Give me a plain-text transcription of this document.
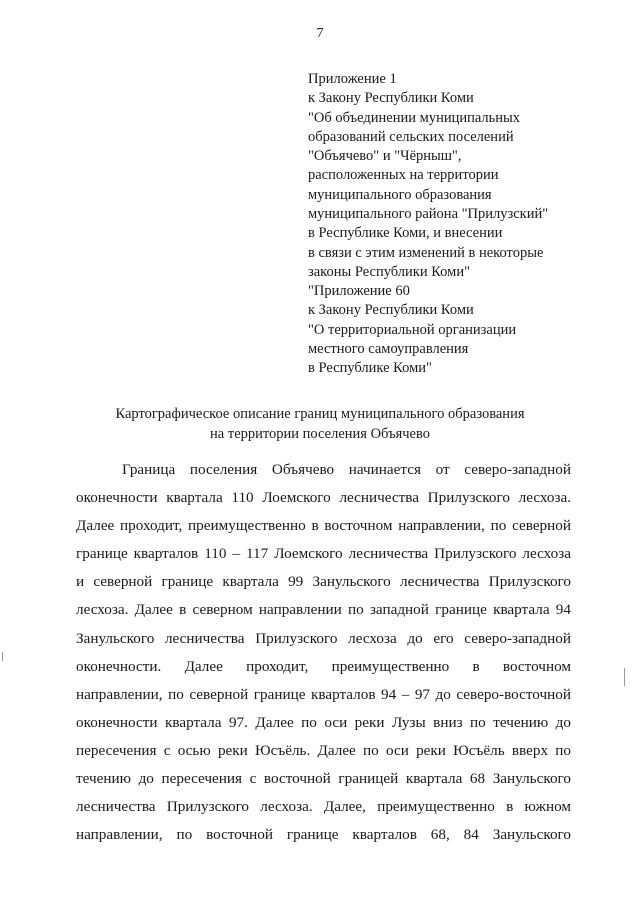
7
Приложение 1
к Закону Республики Коми
"Об объединении муниципальных
образований сельских поселений
"Объячево" и "Чёрныш",
расположенных на территории
муниципального образования
муниципального района "Прилузский"
в Республике Коми, и внесении
в связи с этим изменений в некоторые
законы Республики Коми"
"Приложение 60
к Закону Республики Коми
"О территориальной организации
местного самоуправления
в Республике Коми"
Картографическое описание границ муниципального образования
на территории поселения Объячево
Граница поселения Объячево начинается от северо-западной
оконечности квартала 110 Лоемского лесничества Прилузского лесхоза.
Далее проходит, преимущественно в восточном направлении, по северной
границе кварталов 110 – 117 Лоемского лесничества Прилузского лесхоза
и северной границе квартала 99 Занульского лесничества Прилузского
лесхоза. Далее в северном направлении по западной границе квартала 94
Занульского лесничества Прилузского лесхоза до его северо-западной
оконечности. Далее проходит, преимущественно в восточном
направлении, по северной границе кварталов 94 – 97 до северо-восточной
оконечности квартала 97. Далее по оси реки Лузы вниз по течению до
пересечения с осью реки Юсъёль. Далее по оси реки Юсъёль вверх по
течению до пересечения с восточной границей квартала 68 Занульского
лесничества Прилузского лесхоза. Далее, преимущественно в южном
направлении, по восточной границе кварталов 68, 84 Занульского
